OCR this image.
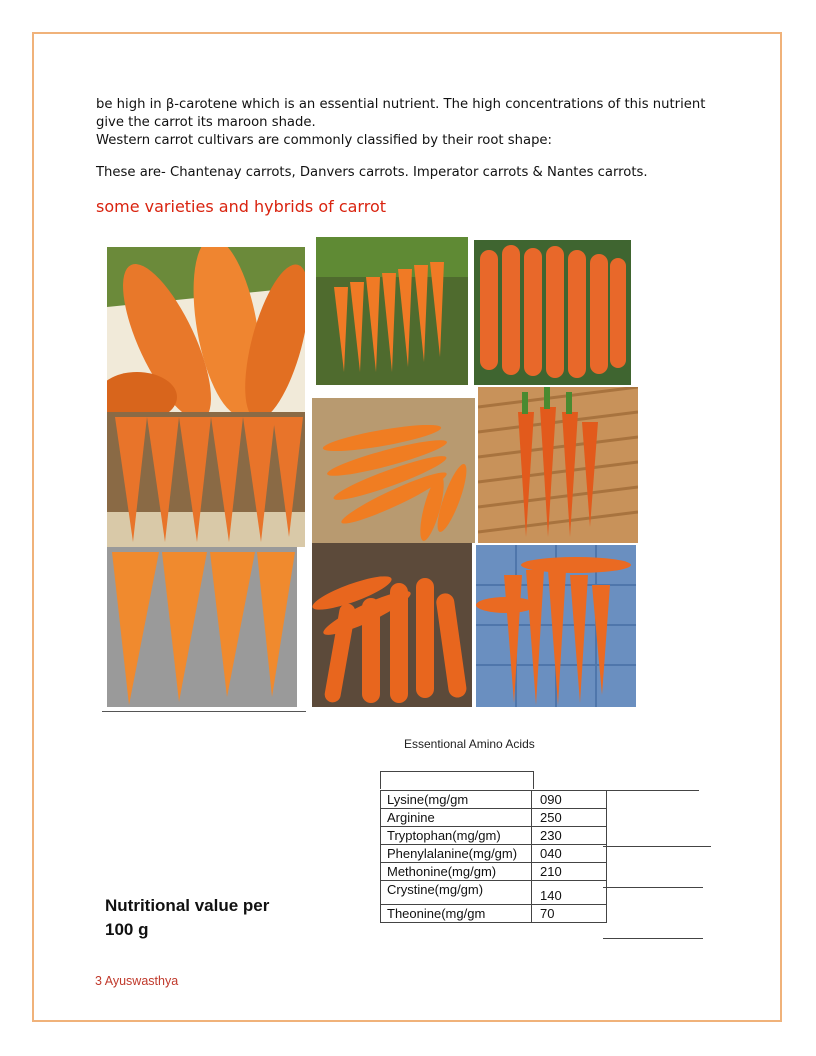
be high in β-carotene which is an essential nutrient. The high concentrations of this nutrient

give the carrot its maroon shade.

Western carrot cultivars are commonly classified by their root shape:

These are- Chantenay carrots, Danvers carrots. Imperator carrots & Nantes carrots.

some varieties and hybrids of carrot

Essentional Amino Acids

Lysine(mg/gm	090
Arginine	250
Tryptophan(mg/gm)	230
Phenylalanine(mg/gm)	040
Methonine(mg/gm)	210
Crystine(mg/gm)	140
Theonine(mg/gm	70
Nutritional value per
100 g

3 Ayuswasthya
